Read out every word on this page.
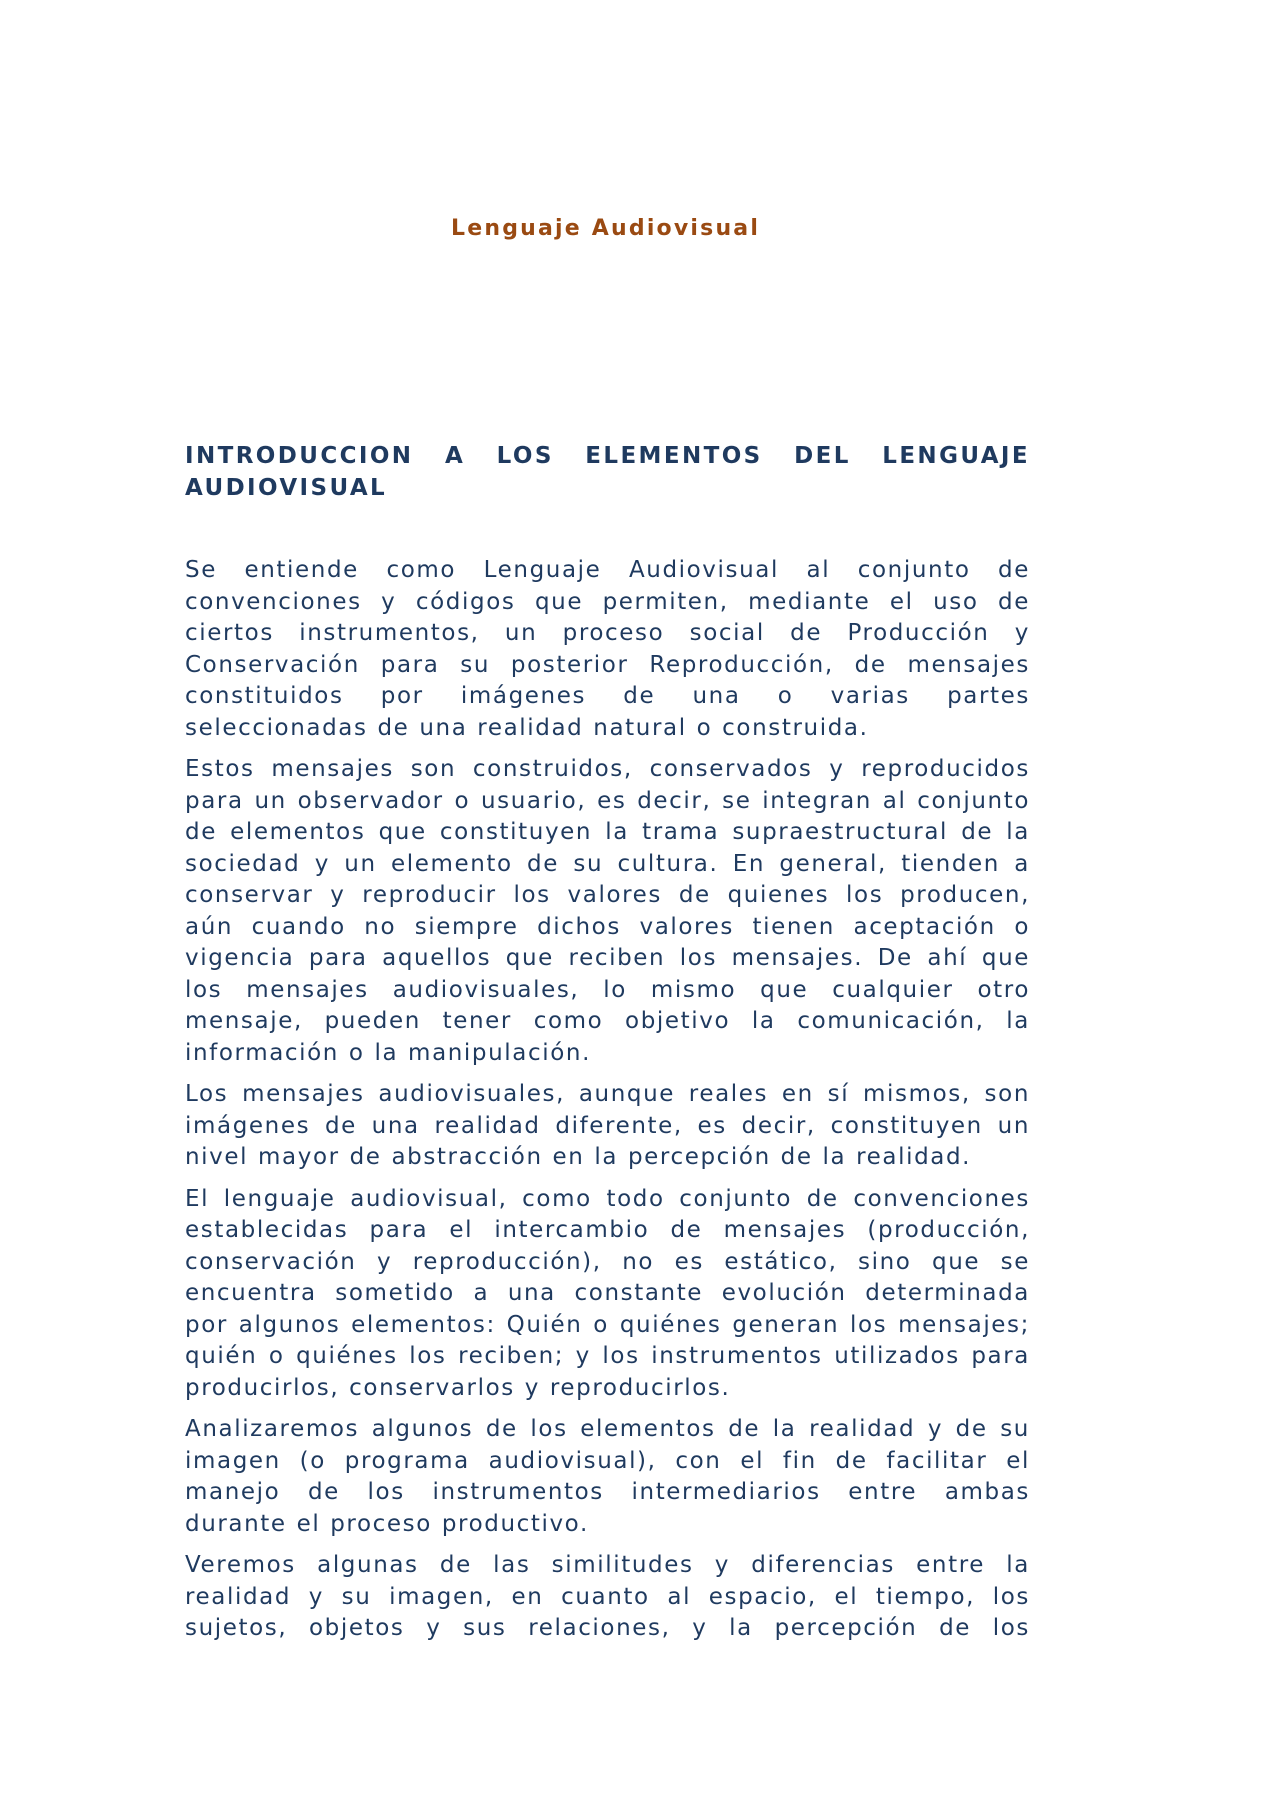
Lenguaje Audiovisual
INTRODUCCION A LOS ELEMENTOS DEL LENGUAJE AUDIOVISUAL

Se entiende como Lenguaje Audiovisual al conjunto de convenciones y códigos que permiten, mediante el uso de ciertos instrumentos, un proceso social de Producción y Conservación para su posterior Reproducción, de mensajes constituidos por imágenes de una o varias partes seleccionadas de una realidad natural o construida.

Estos mensajes son construidos, conservados y reproducidos para un observador o usuario, es decir, se integran al conjunto de elementos que constituyen la trama supraestructural de la sociedad y un elemento de su cultura. En general, tienden a conservar y reproducir los valores de quienes los producen, aún cuando no siempre dichos valores tienen aceptación o vigencia para aquellos que reciben los mensajes. De ahí que los mensajes audiovisuales, lo mismo que cualquier otro mensaje, pueden tener como objetivo la comunicación, la información o la manipulación.

Los mensajes audiovisuales, aunque reales en sí mismos, son imágenes de una realidad diferente, es decir, constituyen un nivel mayor de abstracción en la percepción de la realidad.

El lenguaje audiovisual, como todo conjunto de convenciones establecidas para el intercambio de mensajes (producción, conservación y reproducción), no es estático, sino que se encuentra sometido a una constante evolución determinada por algunos elementos: Quién o quiénes generan los mensajes; quién o quiénes los reciben; y los instrumentos utilizados para producirlos, conservarlos y reproducirlos.

Analizaremos algunos de los elementos de la realidad y de su imagen (o programa audiovisual), con el fin de facilitar el manejo de los instrumentos intermediarios entre ambas durante el proceso productivo.

Veremos algunas de las similitudes y diferencias entre la realidad y su imagen, en cuanto al espacio, el tiempo, los sujetos, objetos y sus relaciones, y la percepción de los
